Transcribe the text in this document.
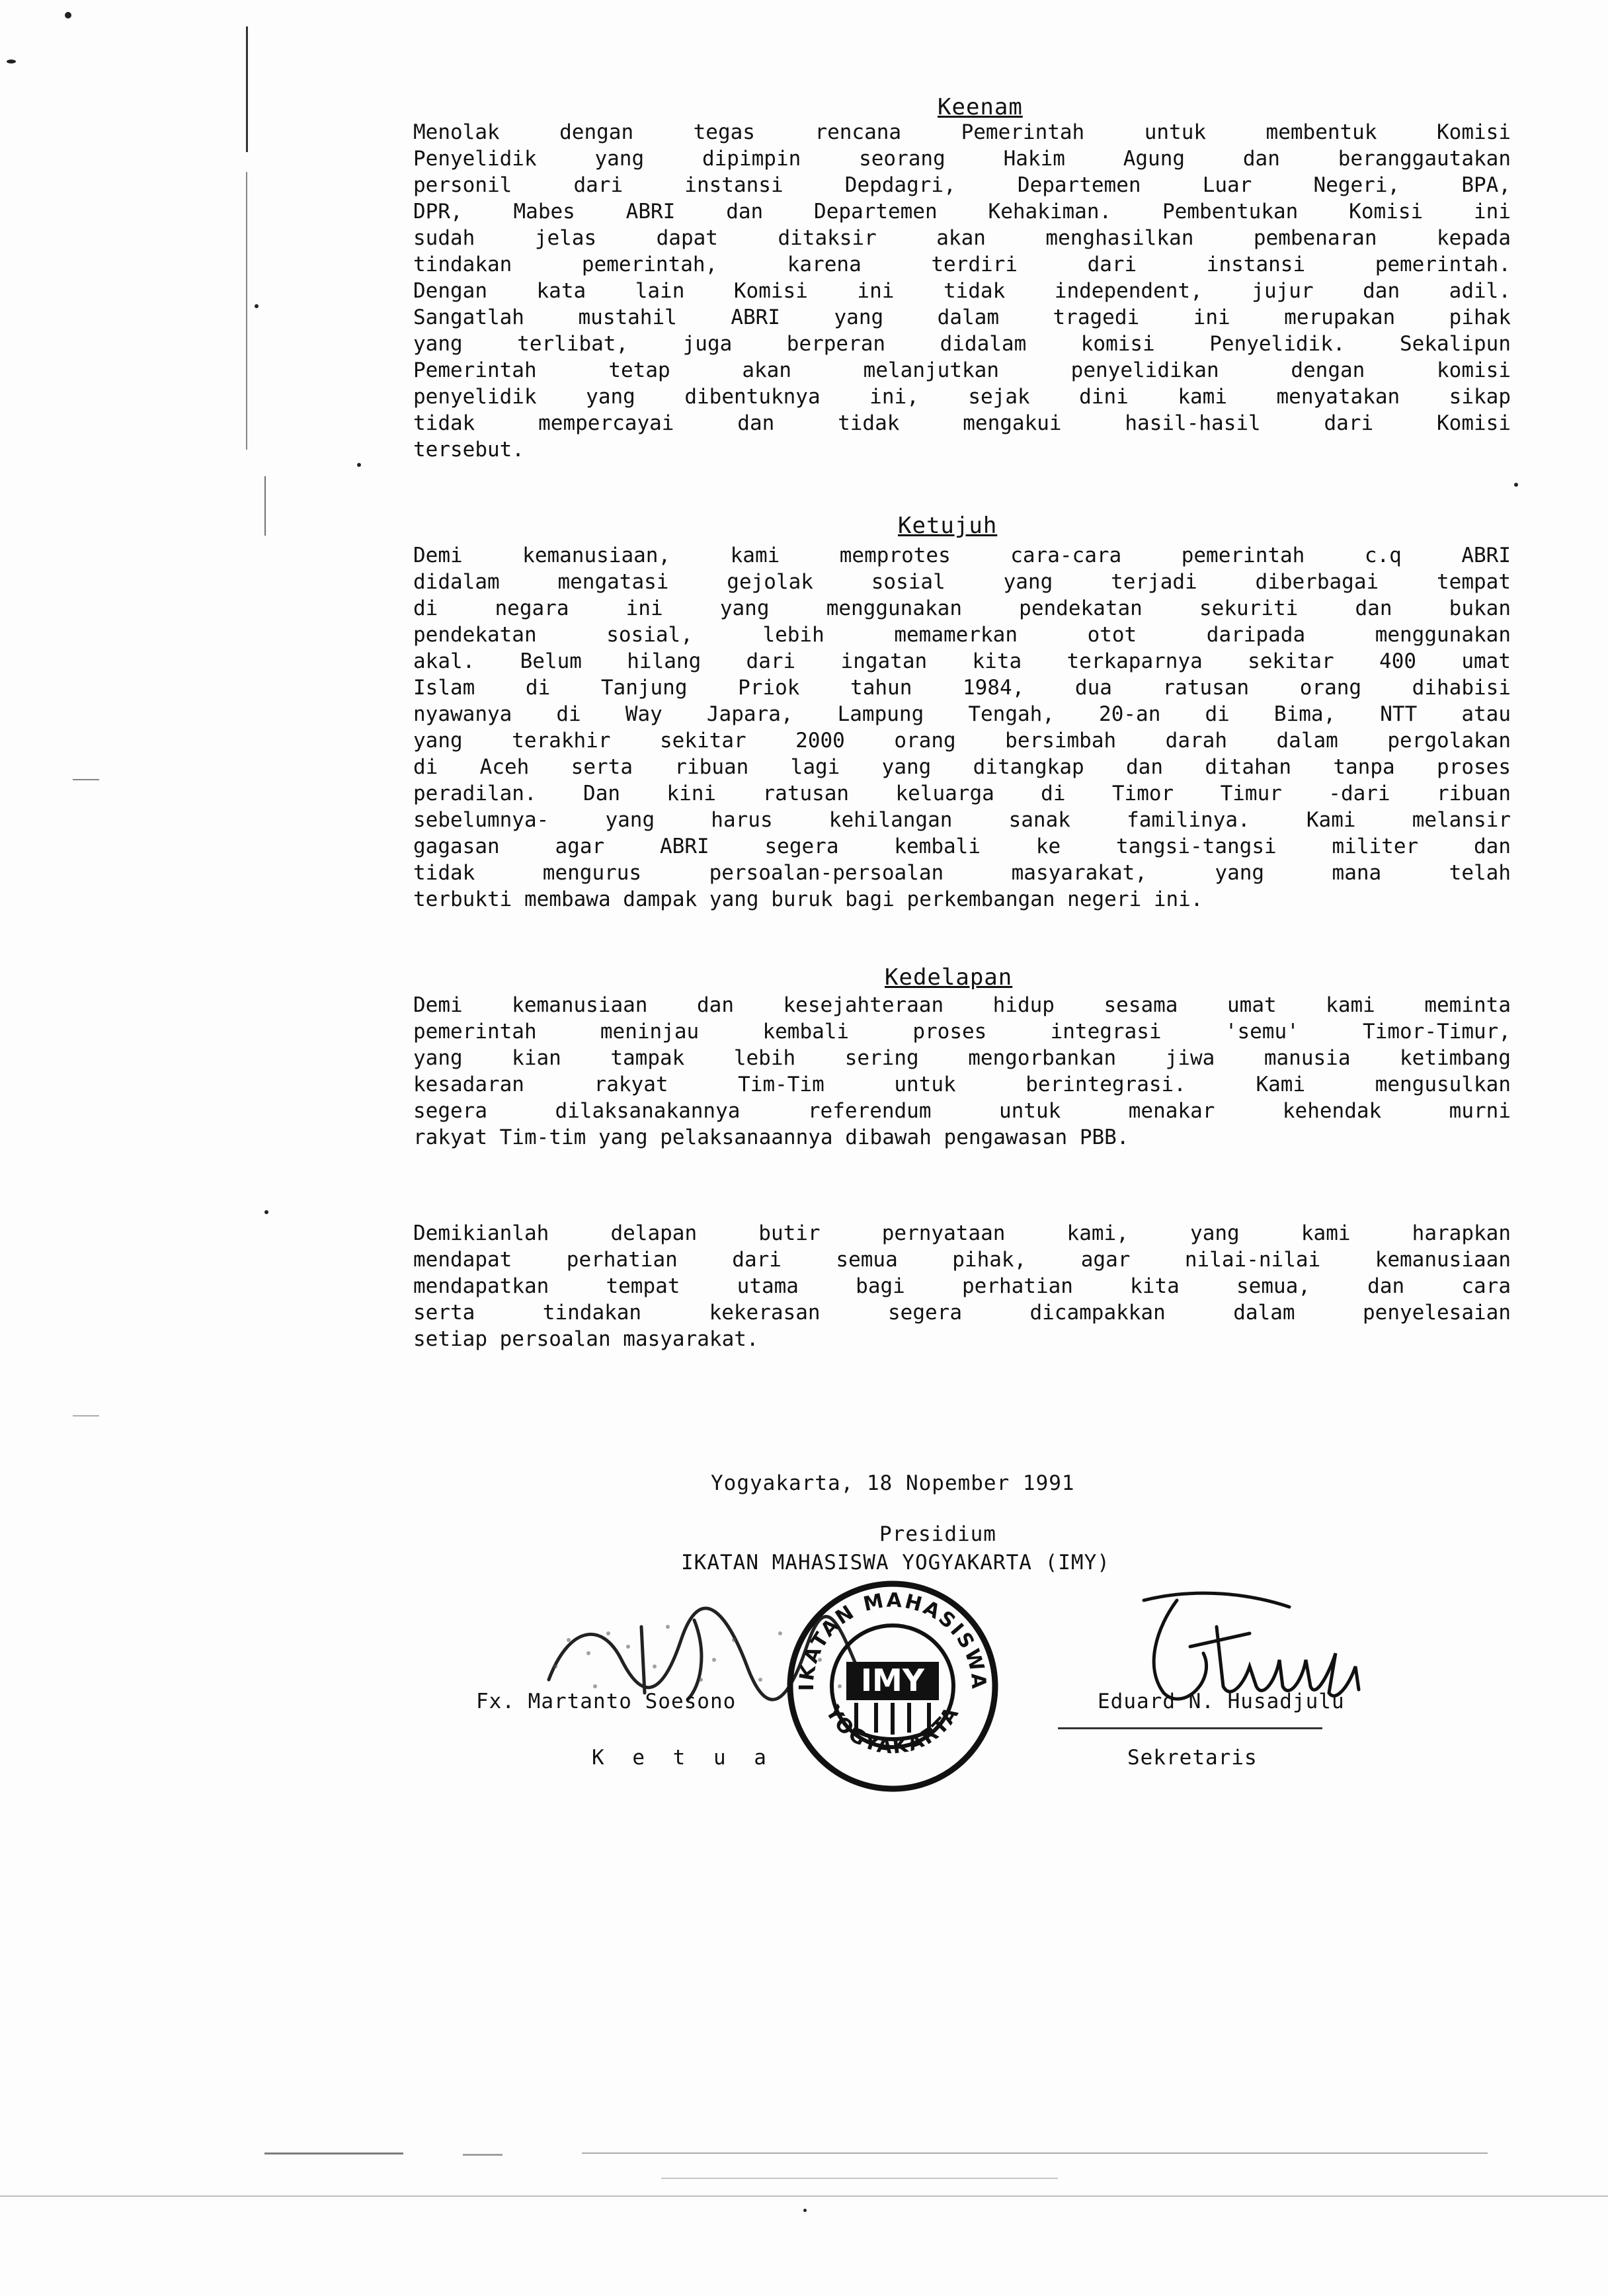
Keenam
Menolak dengan tegas rencana Pemerintah untuk membentuk Komisi
Penyelidik yang dipimpin seorang Hakim Agung dan beranggautakan
personil dari instansi Depdagri, Departemen Luar Negeri, BPA,
DPR, Mabes ABRI dan Departemen Kehakiman. Pembentukan Komisi ini
sudah jelas dapat ditaksir akan menghasilkan pembenaran kepada
tindakan pemerintah, karena terdiri dari instansi pemerintah.
Dengan kata lain Komisi ini tidak independent, jujur dan adil.
Sangatlah mustahil ABRI yang dalam tragedi ini merupakan pihak
yang terlibat, juga berperan didalam komisi Penyelidik. Sekalipun
Pemerintah tetap akan melanjutkan penyelidikan dengan komisi
penyelidik yang dibentuknya ini, sejak dini kami menyatakan sikap
tidak mempercayai dan tidak mengakui hasil-hasil dari Komisi
tersebut.
Ketujuh
Demi kemanusiaan, kami memprotes cara-cara pemerintah c.q ABRI
didalam mengatasi gejolak sosial yang terjadi diberbagai tempat
di negara ini yang menggunakan pendekatan sekuriti dan bukan
pendekatan sosial, lebih memamerkan otot daripada menggunakan
akal. Belum hilang dari ingatan kita terkaparnya sekitar 400 umat
Islam di Tanjung Priok tahun 1984, dua ratusan orang dihabisi
nyawanya di Way Japara, Lampung Tengah, 20-an di Bima, NTT atau
yang terakhir sekitar 2000 orang bersimbah darah dalam pergolakan
di Aceh serta ribuan lagi yang ditangkap dan ditahan tanpa proses
peradilan. Dan kini ratusan keluarga di Timor Timur -dari ribuan
sebelumnya- yang harus kehilangan sanak familinya. Kami melansir
gagasan agar ABRI segera kembali ke tangsi-tangsi militer dan
tidak mengurus persoalan-persoalan masyarakat, yang mana telah
terbukti membawa dampak yang buruk bagi perkembangan negeri ini.
Kedelapan
Demi kemanusiaan dan kesejahteraan hidup sesama umat kami meminta
pemerintah meninjau kembali proses integrasi 'semu' Timor-Timur,
yang kian tampak lebih sering mengorbankan jiwa manusia ketimbang
kesadaran rakyat Tim-Tim untuk berintegrasi. Kami mengusulkan
segera dilaksanakannya referendum untuk menakar kehendak murni
rakyat Tim-tim yang pelaksanaannya dibawah pengawasan PBB.
Demikianlah delapan butir pernyataan kami, yang kami harapkan
mendapat perhatian dari semua pihak, agar nilai-nilai kemanusiaan
mendapatkan tempat utama bagi perhatian kita semua, dan cara
serta tindakan kekerasan segera dicampakkan dalam penyelesaian
setiap persoalan masyarakat.
Yogyakarta, 18 Nopember 1991
Presidium
IKATAN MAHASISWA YOGYAKARTA (IMY)
IKATAN MAHASISWA
YOGYAKARTA
IMY
Fx. Martanto Soesono	Eduard N. Husadjulu
K e t u a	Sekretaris
